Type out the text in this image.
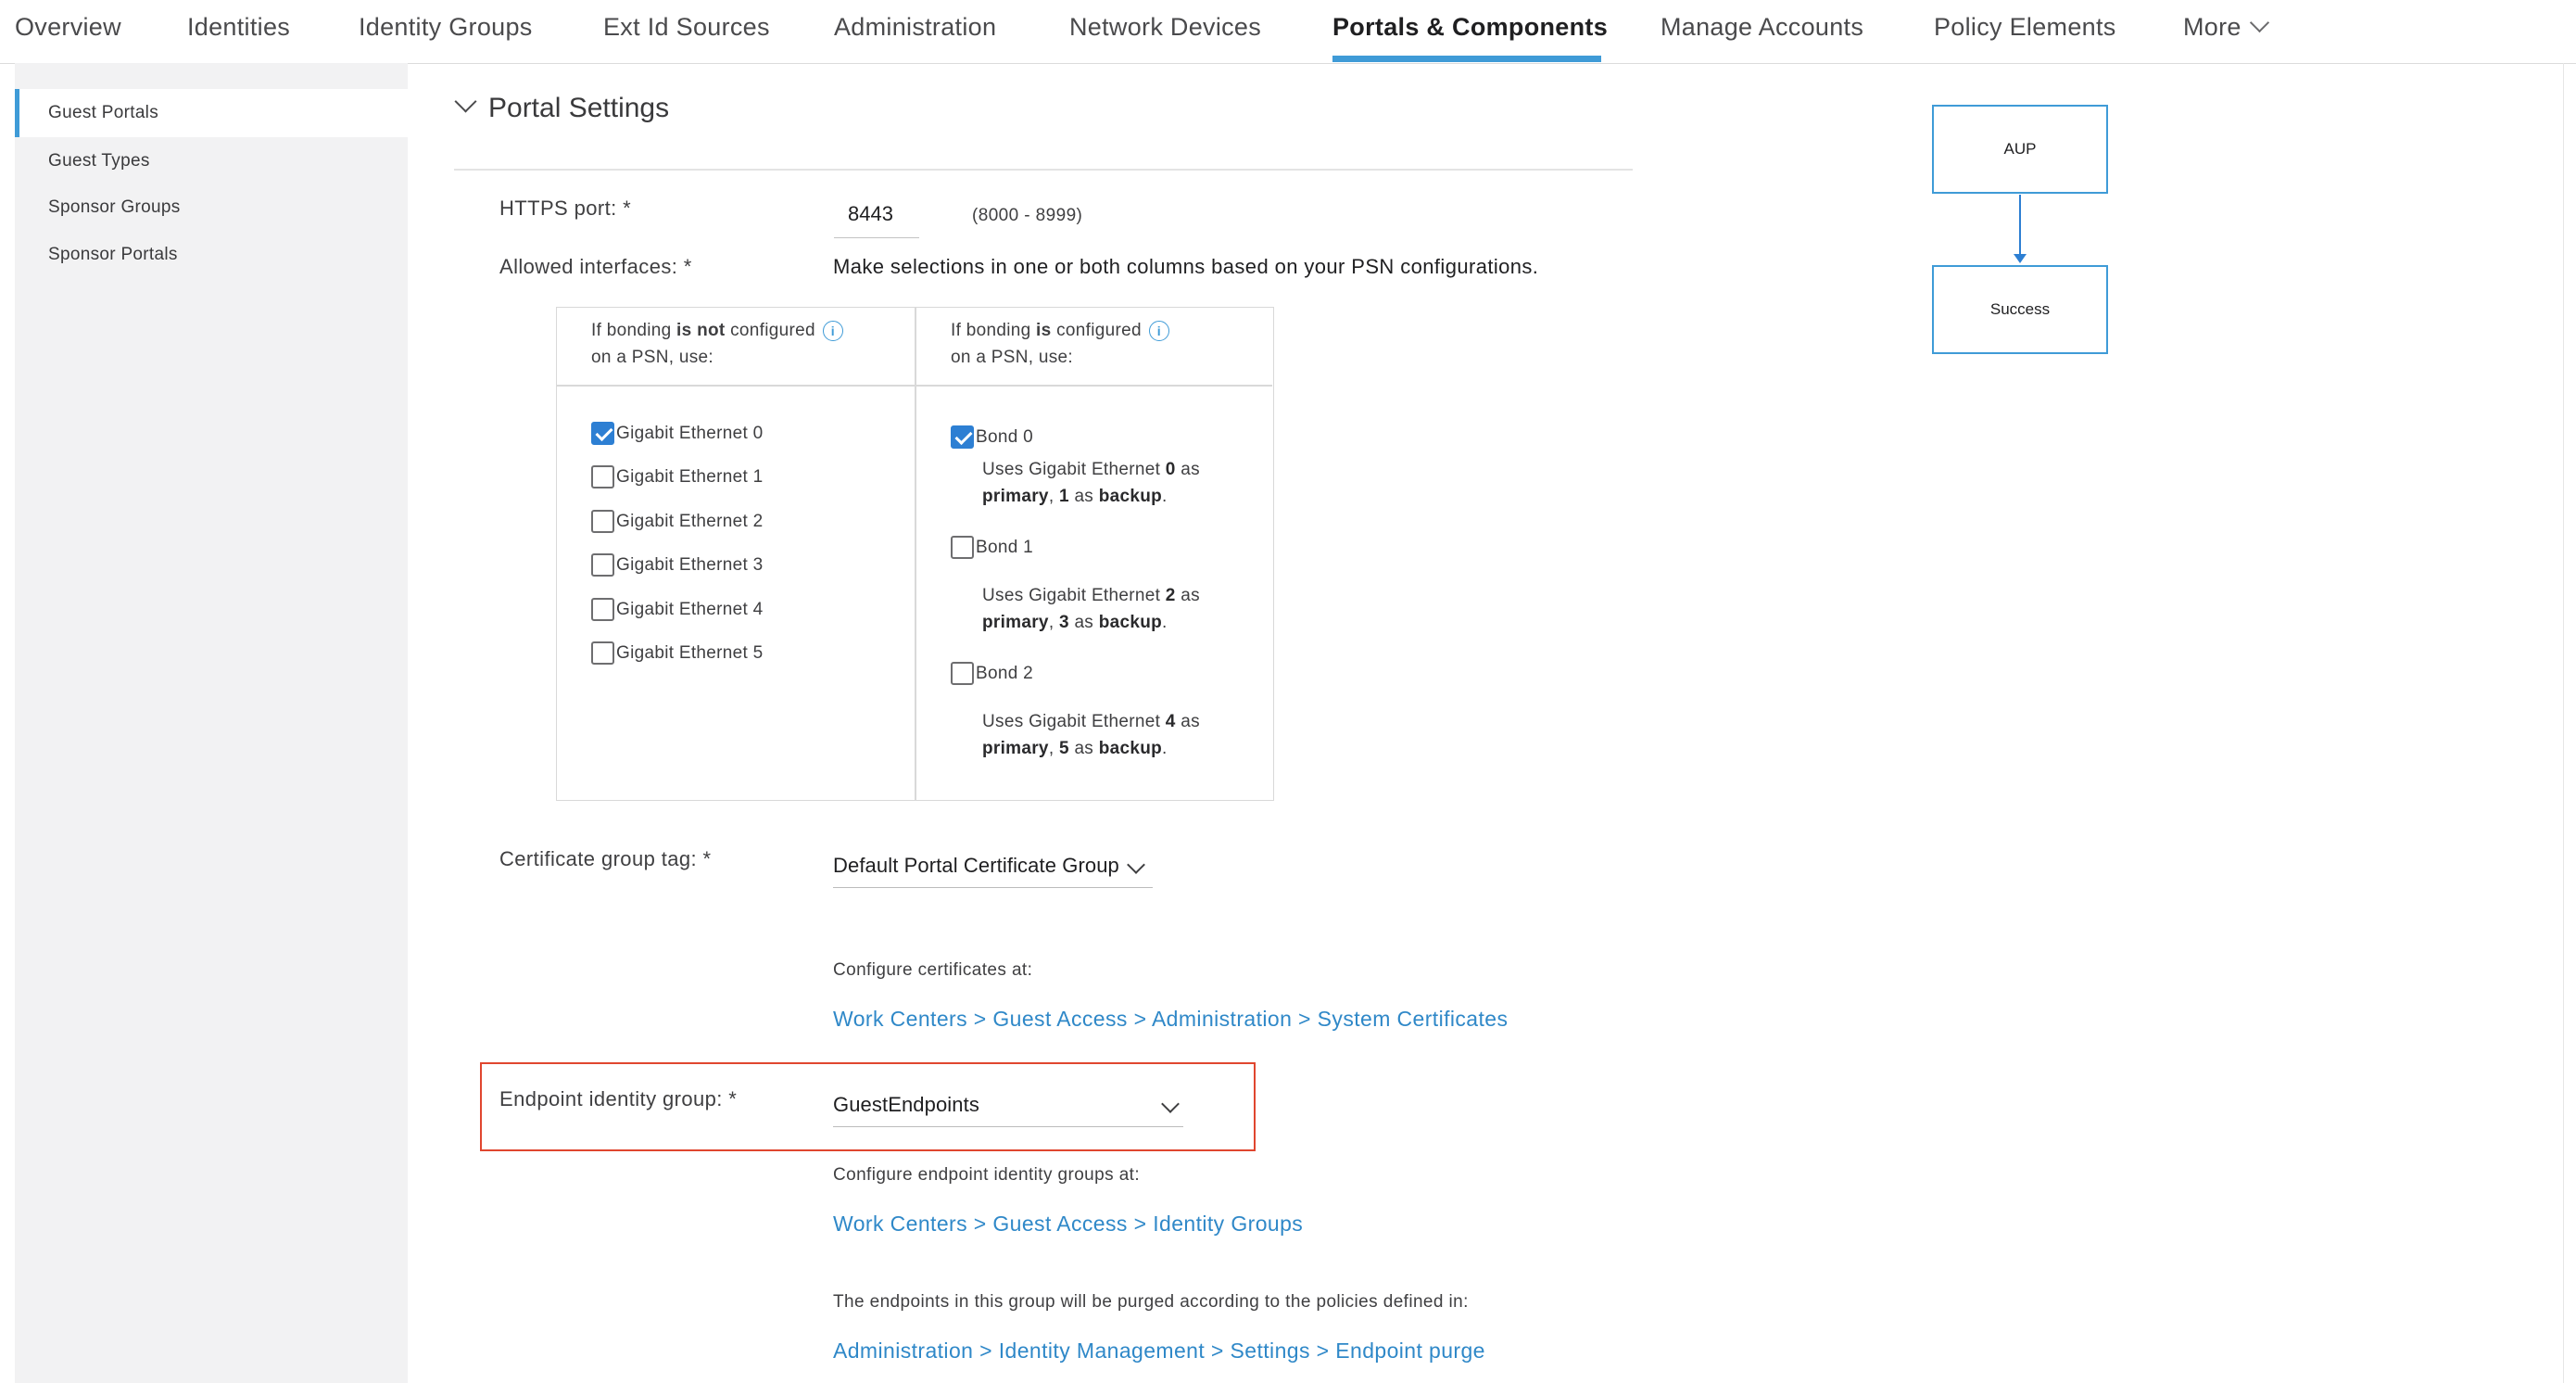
Overview	Identities	Identity Groups	Ext Id Sources	Administration	Network Devices	Portals & Components Manage Accounts	Policy Elements	More
Guest Portals
Guest Types
Sponsor Groups
Sponsor Portals
Portal Settings
HTTPS port: *
8443	(8000 - 8999)
Allowed interfaces: *	Make selections in one or both columns based on your PSN configurations.
If bonding is not configured i
on a PSN, use:
If bonding is configured i
on a PSN, use:
Gigabit Ethernet 0
Gigabit Ethernet 1
Gigabit Ethernet 2
Gigabit Ethernet 3
Gigabit Ethernet 4
Gigabit Ethernet 5
Bond 0
Uses Gigabit Ethernet 0 as
primary, 1 as backup.
Bond 1
Uses Gigabit Ethernet 2 as
primary, 3 as backup.
Bond 2
Uses Gigabit Ethernet 4 as
primary, 5 as backup.
Certificate group tag: *	Default Portal Certificate Group
Configure certificates at:
Work Centers > Guest Access > Administration > System Certificates
Endpoint identity group: *	GuestEndpoints
Configure endpoint identity groups at:
Work Centers > Guest Access > Identity Groups
The endpoints in this group will be purged according to the policies defined in:
Administration > Identity Management > Settings > Endpoint purge
AUP
Success
